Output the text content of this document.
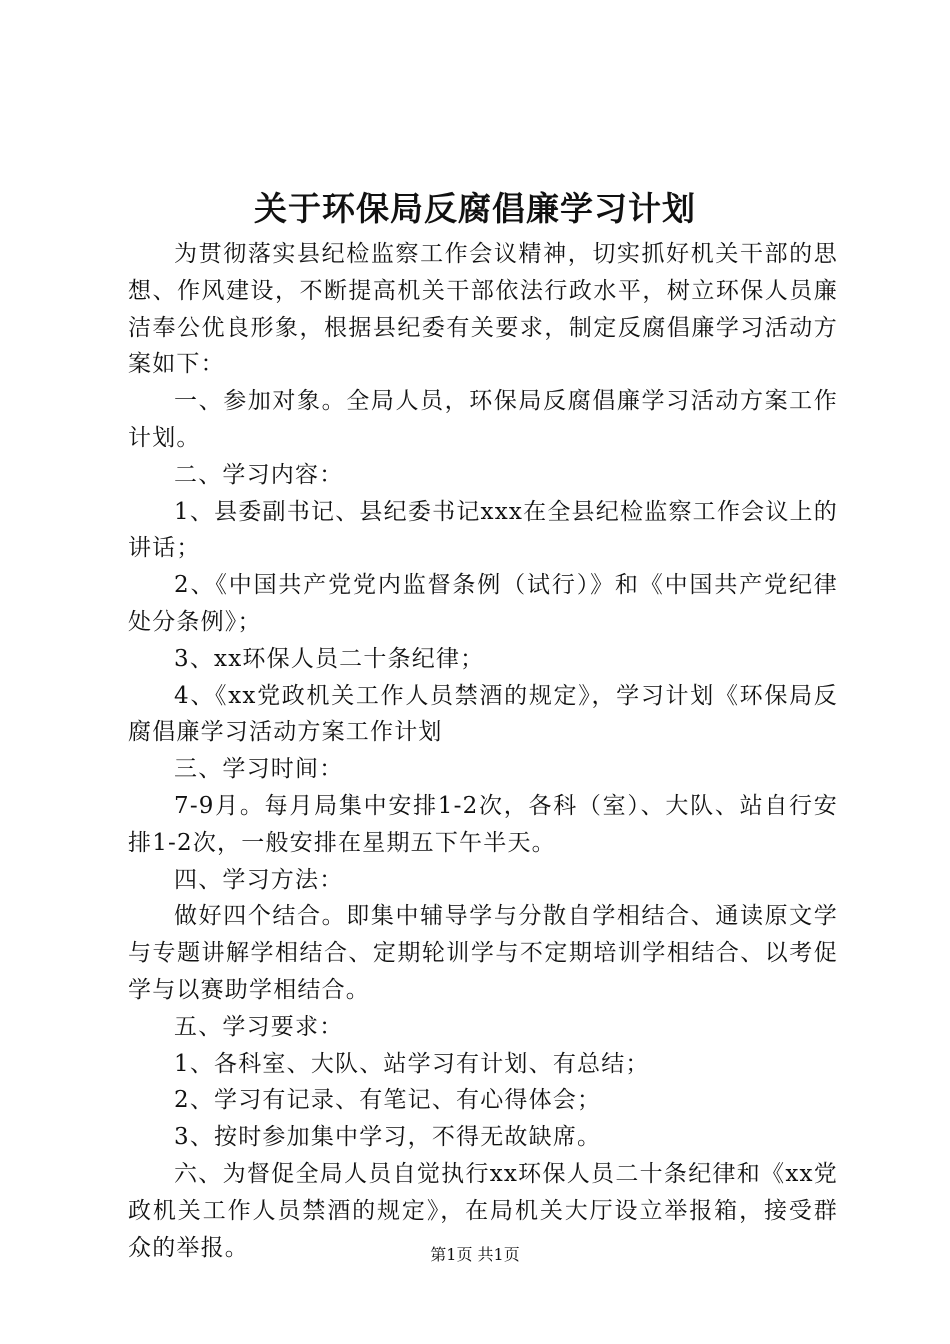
关于环保局反腐倡廉学习计划

为贯彻落实县纪检监察工作会议精神，切实抓好机关干部的思想、作风建设，不断提高机关干部依法行政水平，树立环保人员廉洁奉公优良形象，根据县纪委有关要求，制定反腐倡廉学习活动方案如下：

一、参加对象。全局人员，环保局反腐倡廉学习活动方案工作计划。

二、学习内容：

1、县委副书记、县纪委书记xxx在全县纪检监察工作会议上的讲话；

2、《中国共产党党内监督条例（试行）》和《中国共产党纪律处分条例》；

3、xx环保人员二十条纪律；

4、《xx党政机关工作人员禁酒的规定》，学习计划《环保局反腐倡廉学习活动方案工作计划

三、学习时间：

7-9月。每月局集中安排1-2次，各科（室）、大队、站自行安排1-2次，一般安排在星期五下午半天。

四、学习方法：

做好四个结合。即集中辅导学与分散自学相结合、通读原文学与专题讲解学相结合、定期轮训学与不定期培训学相结合、以考促学与以赛助学相结合。

五、学习要求：

1、各科室、大队、站学习有计划、有总结；

2、学习有记录、有笔记、有心得体会；

3、按时参加集中学习，不得无故缺席。

六、为督促全局人员自觉执行xx环保人员二十条纪律和《xx党政机关工作人员禁酒的规定》，在局机关大厅设立举报箱，接受群众的举报。	第1页 共1页
